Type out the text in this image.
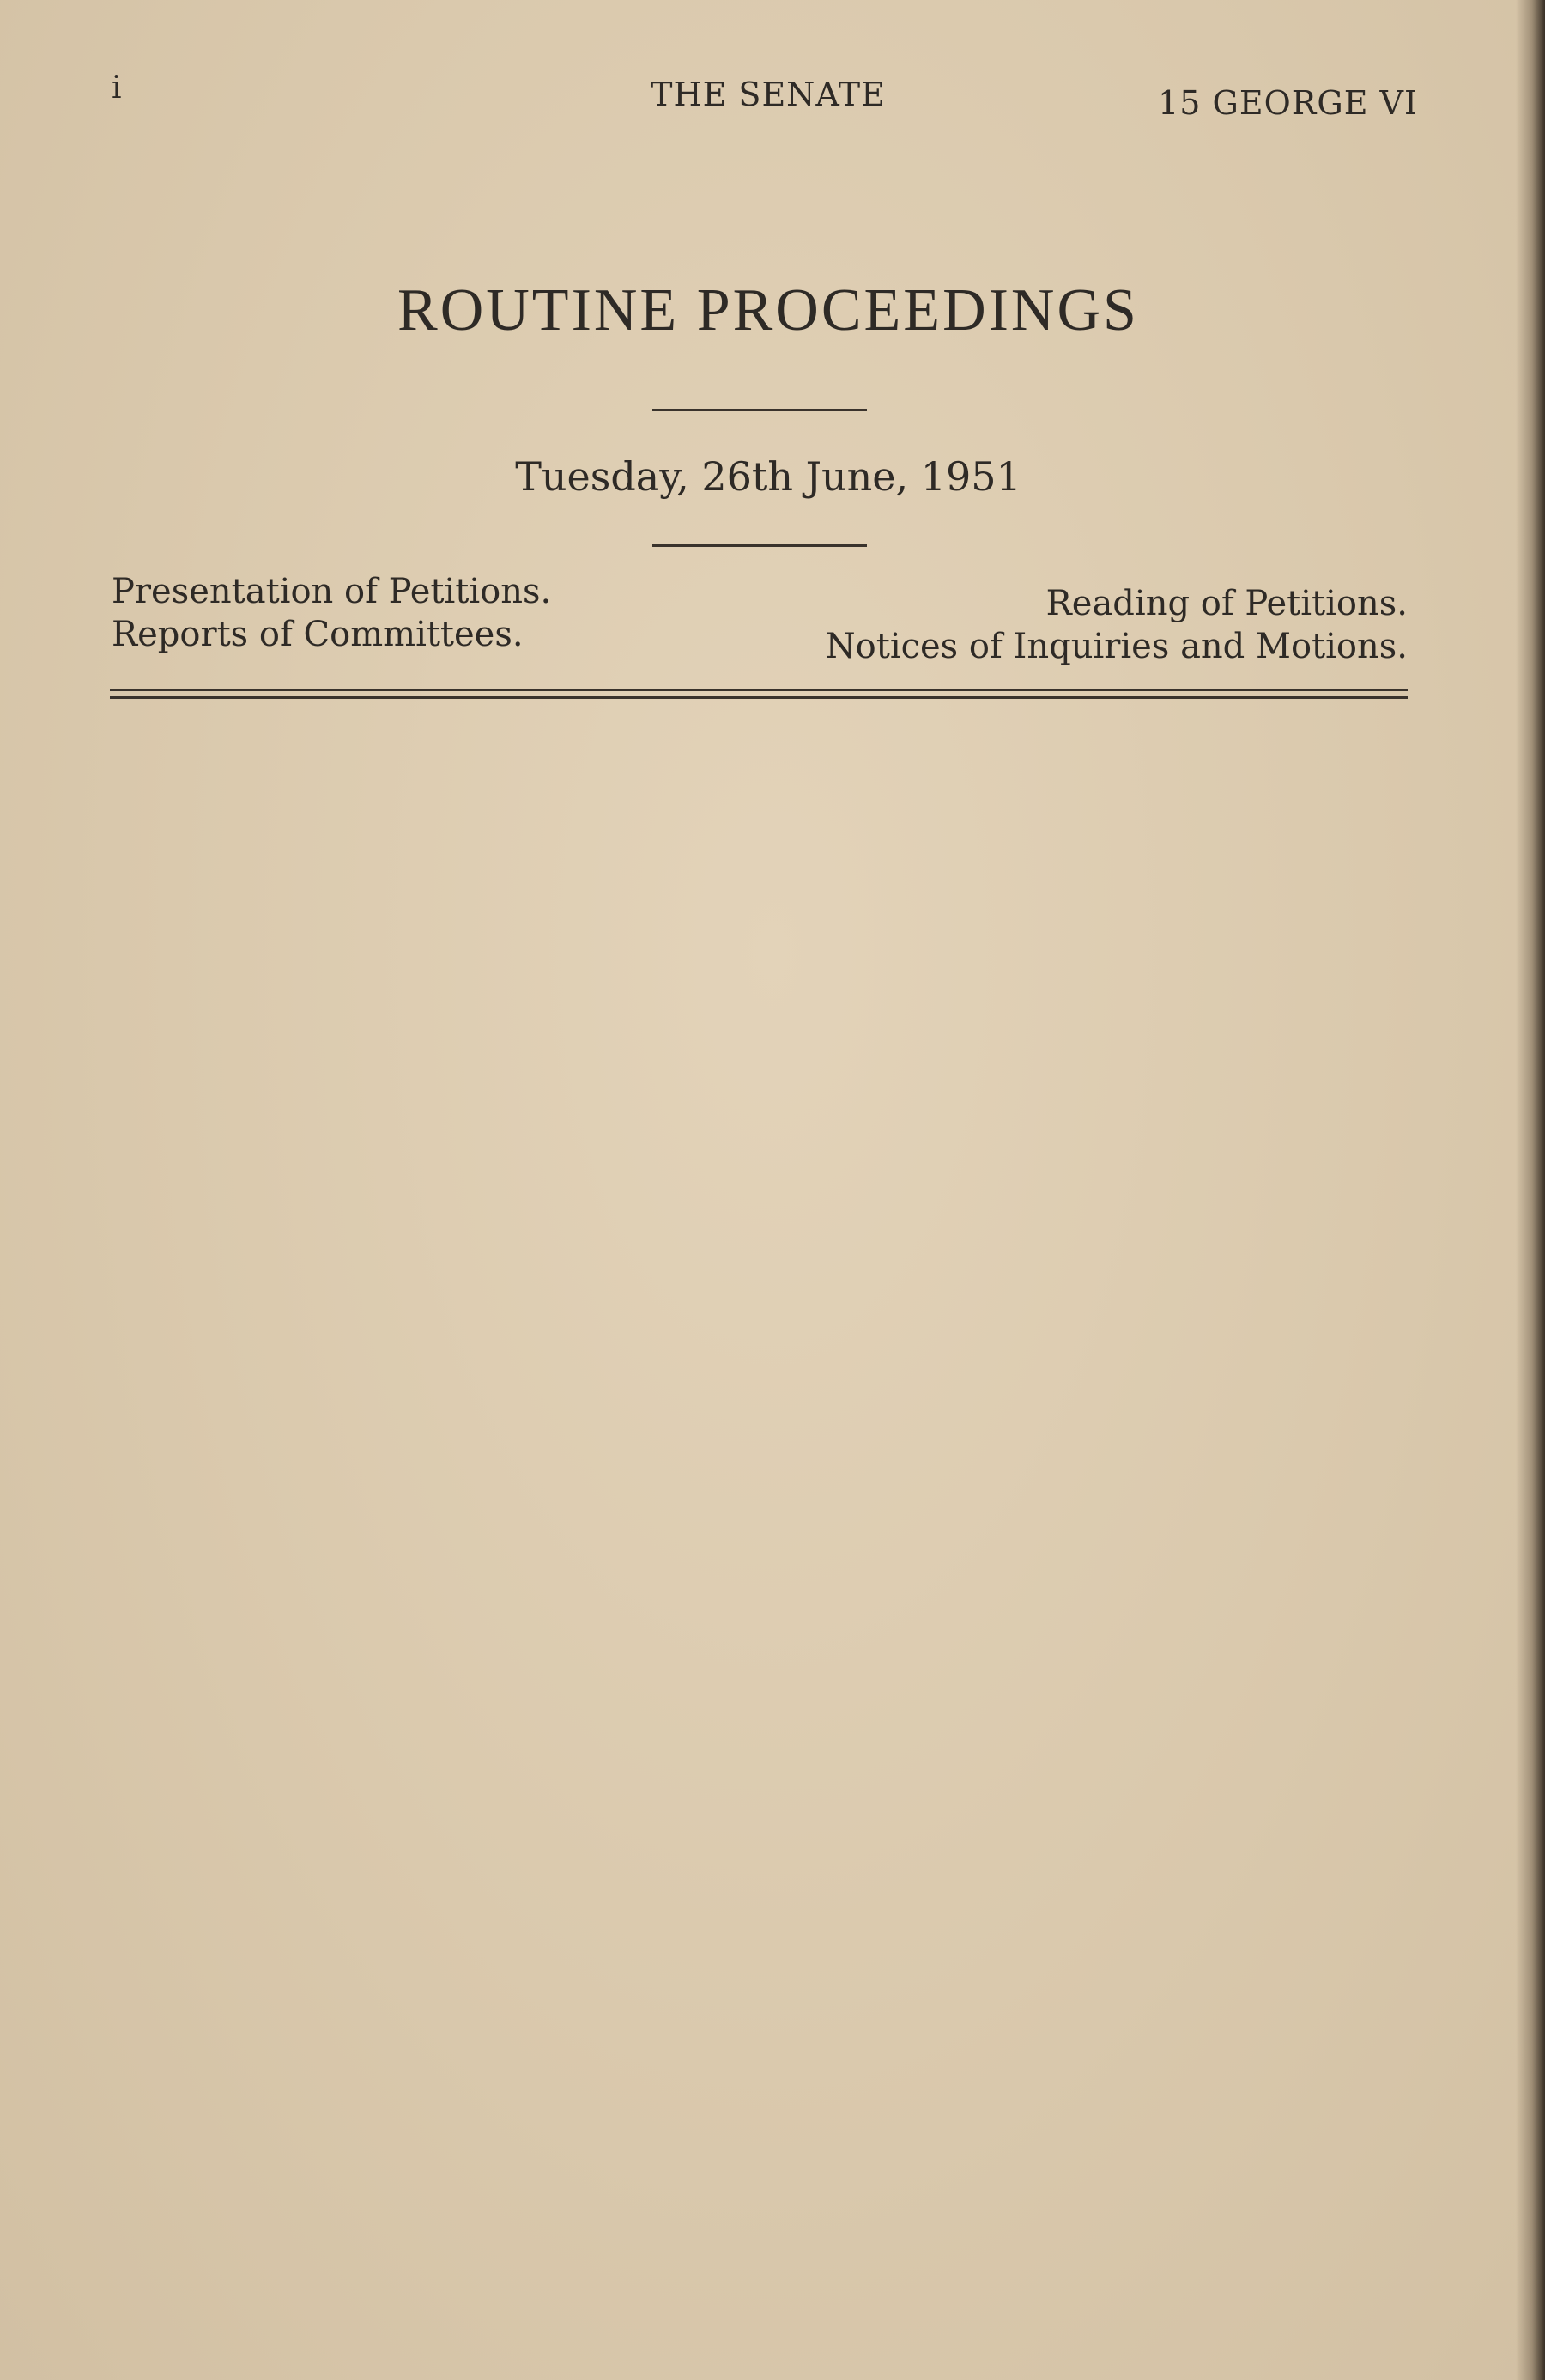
i	THE SENATE	15 GEORGE VI
ROUTINE PROCEEDINGS
Tuesday, 26th June, 1951
Presentation of Petitions.
Reports of Committees.
Reading of Petitions.
Notices of Inquiries and Motions.
